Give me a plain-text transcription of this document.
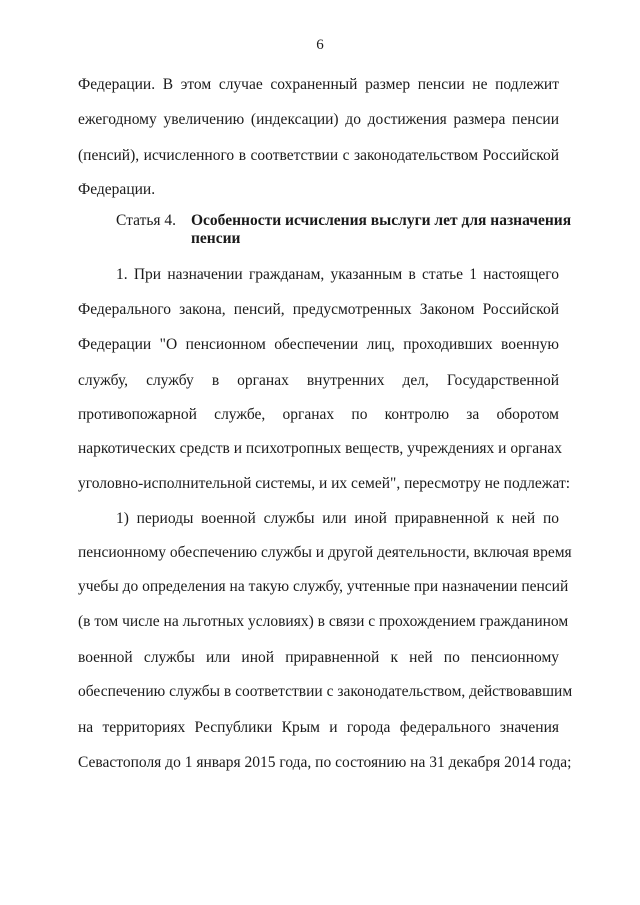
6
Федерации. В этом случае сохраненный размер пенсии не подлежит
ежегодному увеличению (индексации) до достижения размера пенсии
(пенсий), исчисленного в соответствии с законодательством Российской
Федерации.
Статья 4. Особенности исчисления выслуги лет для назначения
пенсии
1. При назначении гражданам, указанным в статье 1 настоящего
Федерального закона, пенсий, предусмотренных Законом Российской
Федерации "О пенсионном обеспечении лиц, проходивших военную
службу, службу в органах внутренних дел, Государственной
противопожарной службе, органах по контролю за оборотом
наркотических средств и психотропных веществ, учреждениях и органах
уголовно-исполнительной системы, и их семей", пересмотру не подлежат:
1) периоды военной службы или иной приравненной к ней по
пенсионному обеспечению службы и другой деятельности, включая время
учебы до определения на такую службу, учтенные при назначении пенсий
(в том числе на льготных условиях) в связи с прохождением гражданином
военной службы или иной приравненной к ней по пенсионному
обеспечению службы в соответствии с законодательством, действовавшим
на территориях Республики Крым и города федерального значения
Севастополя до 1 января 2015 года, по состоянию на 31 декабря 2014 года;
